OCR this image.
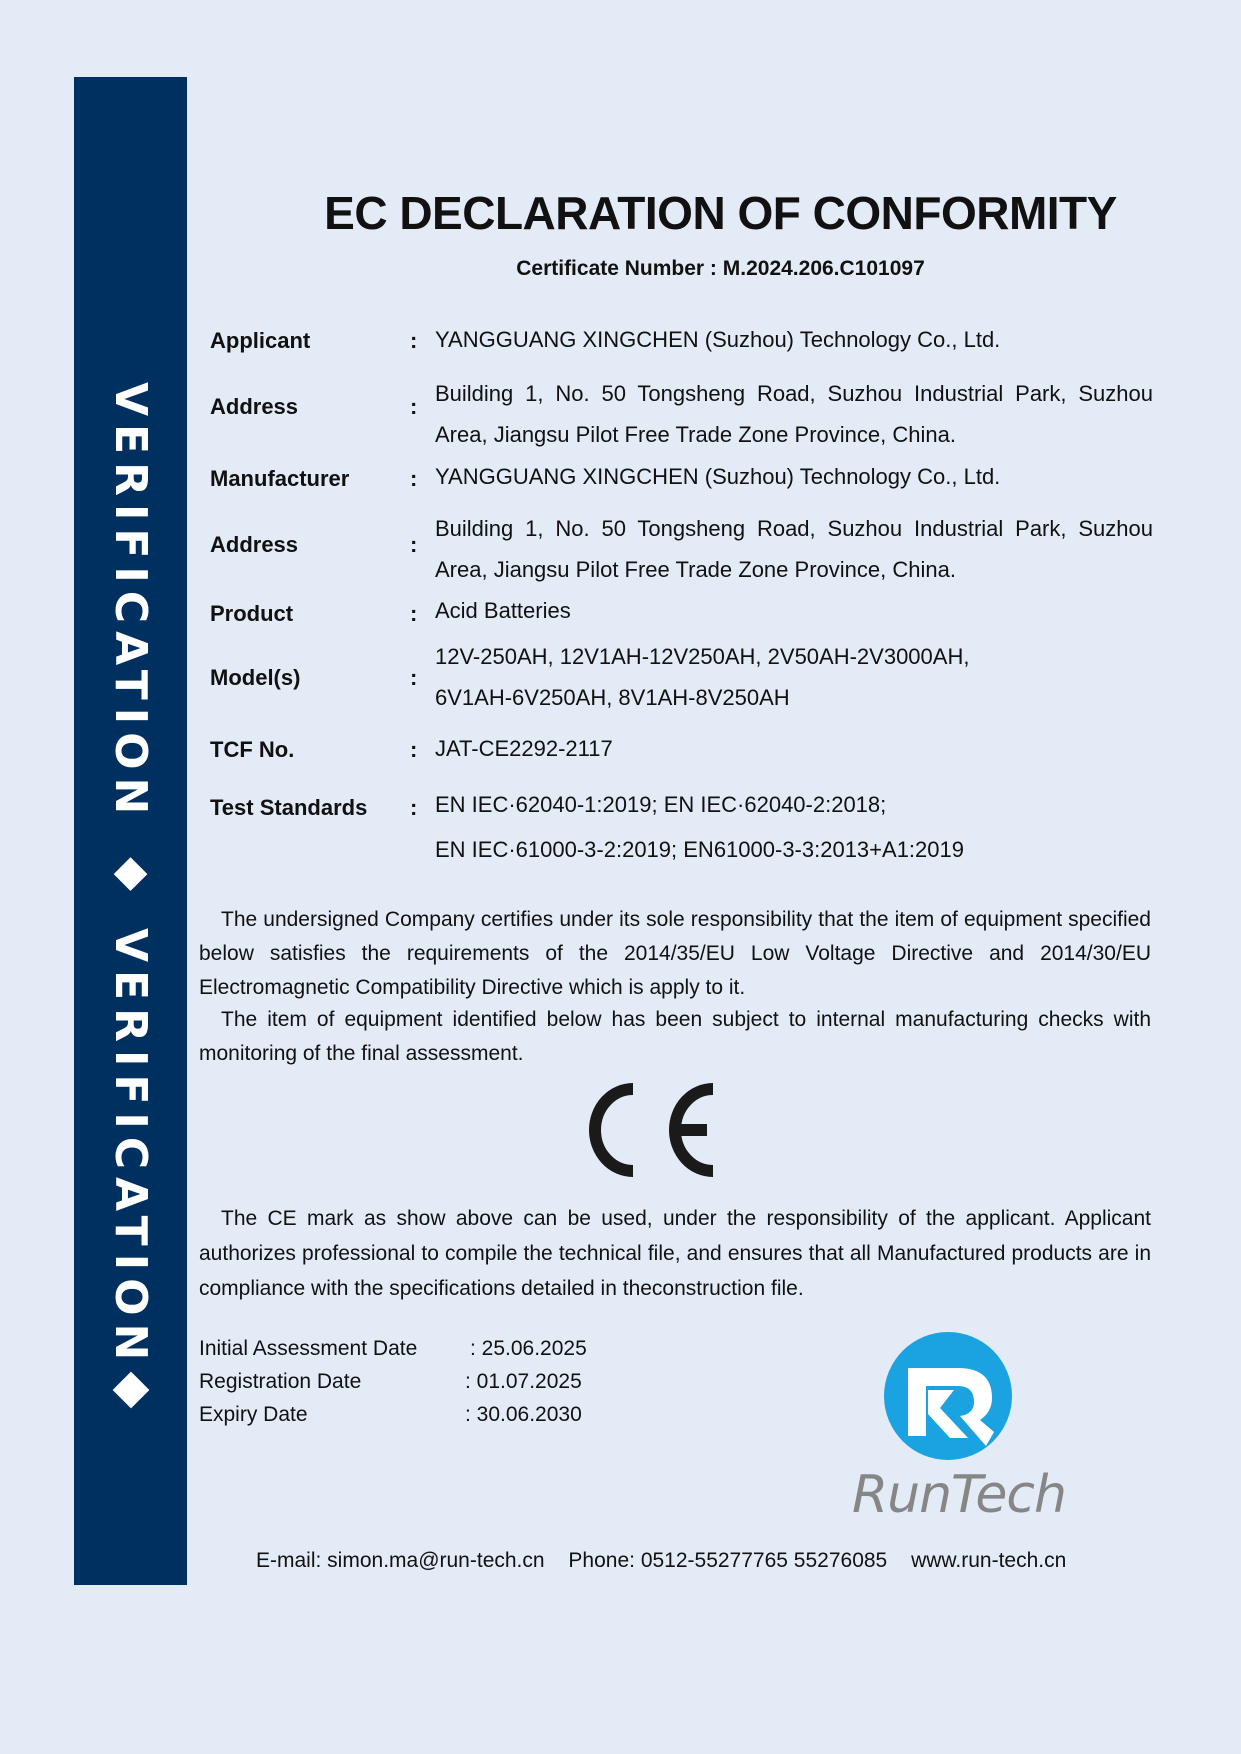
VERIFICATION ◆ VERIFICATION
EC DECLARATION OF CONFORMITY
Certificate Number : M.2024.206.C101097
Applicant	: YANGGUANG XINGCHEN (Suzhou) Technology Co., Ltd.
Address	:
Building 1, No. 50 Tongsheng Road, Suzhou Industrial Park, Suzhou Area, Jiangsu Pilot Free Trade Zone Province, China.
Manufacturer	: YANGGUANG XINGCHEN (Suzhou) Technology Co., Ltd.
Address	:
Building 1, No. 50 Tongsheng Road, Suzhou Industrial Park, Suzhou Area, Jiangsu Pilot Free Trade Zone Province, China.
Product	: Acid Batteries
Model(s)	:
12V-250AH, 12V1AH-12V250AH, 2V50AH-2V3000AH,
6V1AH-6V250AH, 8V1AH-8V250AH
TCF No.	: JAT-CE2292-2117
Test Standards : EN IEC·62040-1:2019; EN IEC·62040-2:2018;
EN IEC·61000-3-2:2019; EN61000-3-3:2013+A1:2019

The undersigned Company certifies under its sole responsibility that the item of equipment specified below satisfies the requirements of the 2014/35/EU Low Voltage Directive and 2014/30/EU Electromagnetic Compatibility Directive which is apply to it.

The item of equipment identified below has been subject to internal manufacturing checks with monitoring of the final assessment.

The CE mark as show above can be used, under the responsibility of the applicant. Applicant authorizes professional to compile the technical file, and ensures that all Manufactured products are in compliance with the specifications detailed in theconstruction file.

Initial Assessment Date	: 25.06.2025
Registration Date	: 01.07.2025
Expiry Date	: 30.06.2030
RunTech
E-mail: simon.ma@run-tech.cn Phone: 0512-55277765 55276085 www.run-tech.cn
